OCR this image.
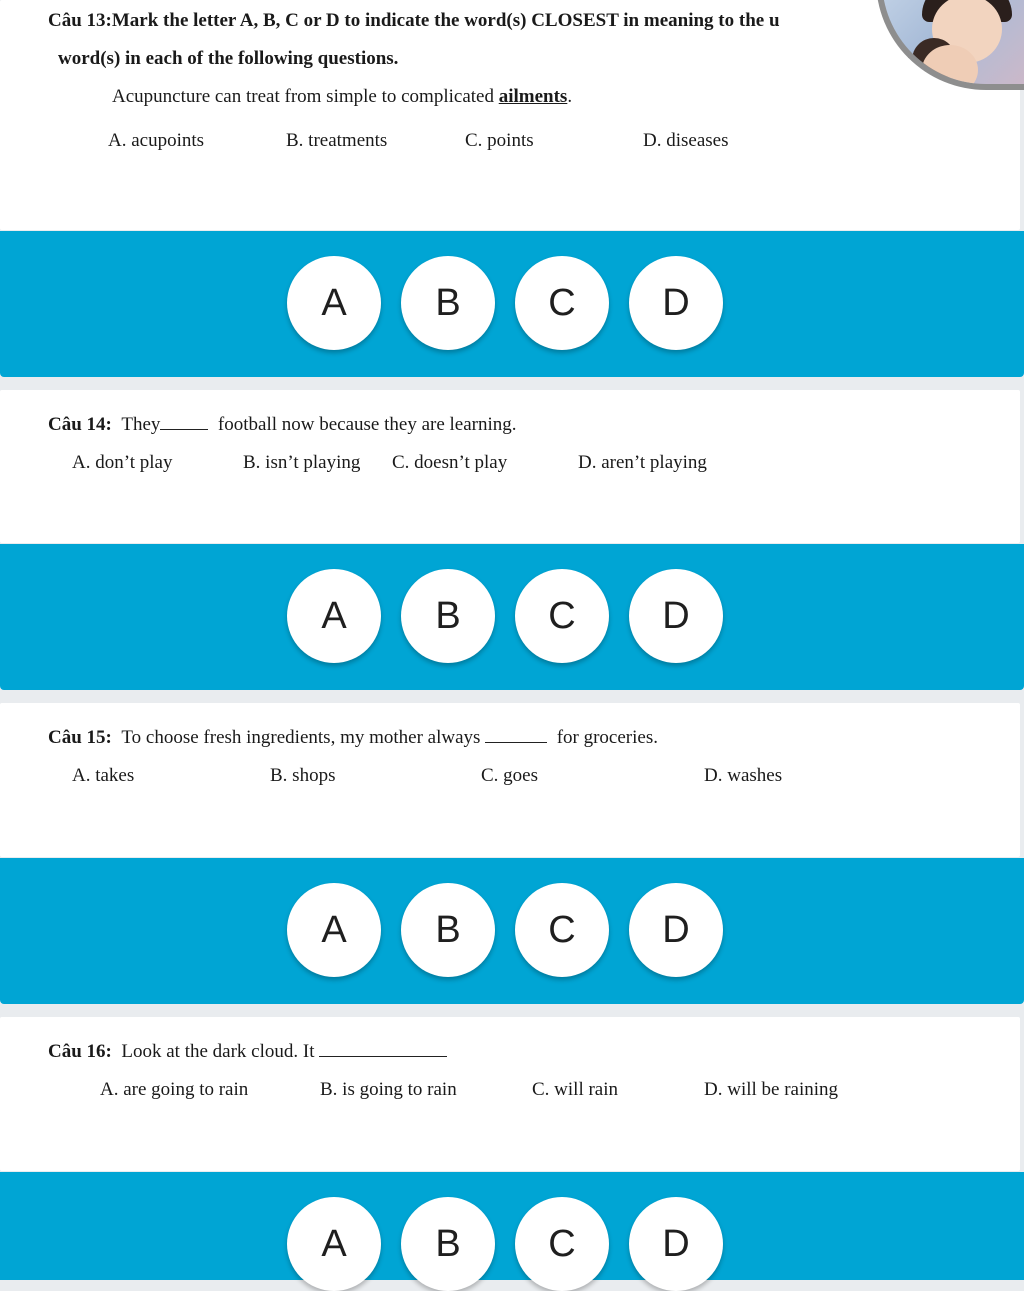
Câu 13:Mark the letter A, B, C or D to indicate the word(s) CLOSEST in meaning to the u
word(s) in each of the following questions.
Acupuncture can treat from simple to complicated ailments.
A. acupoints	B. treatments	C. points	D. diseases
A	B	C	D
Câu 14: They	football now because they are learning.
A. don’t play	B. isn’t playing C. doesn’t play	D. aren’t playing
A	B	C	D
Câu 15: To choose fresh ingredients, my mother always	for groceries.
A. takes	B. shops	C. goes	D. washes
A	B	C	D
Câu 16: Look at the dark cloud. It
A. are going to rain	B. is going to rain	C. will rain	D. will be raining
A	B	C	D
